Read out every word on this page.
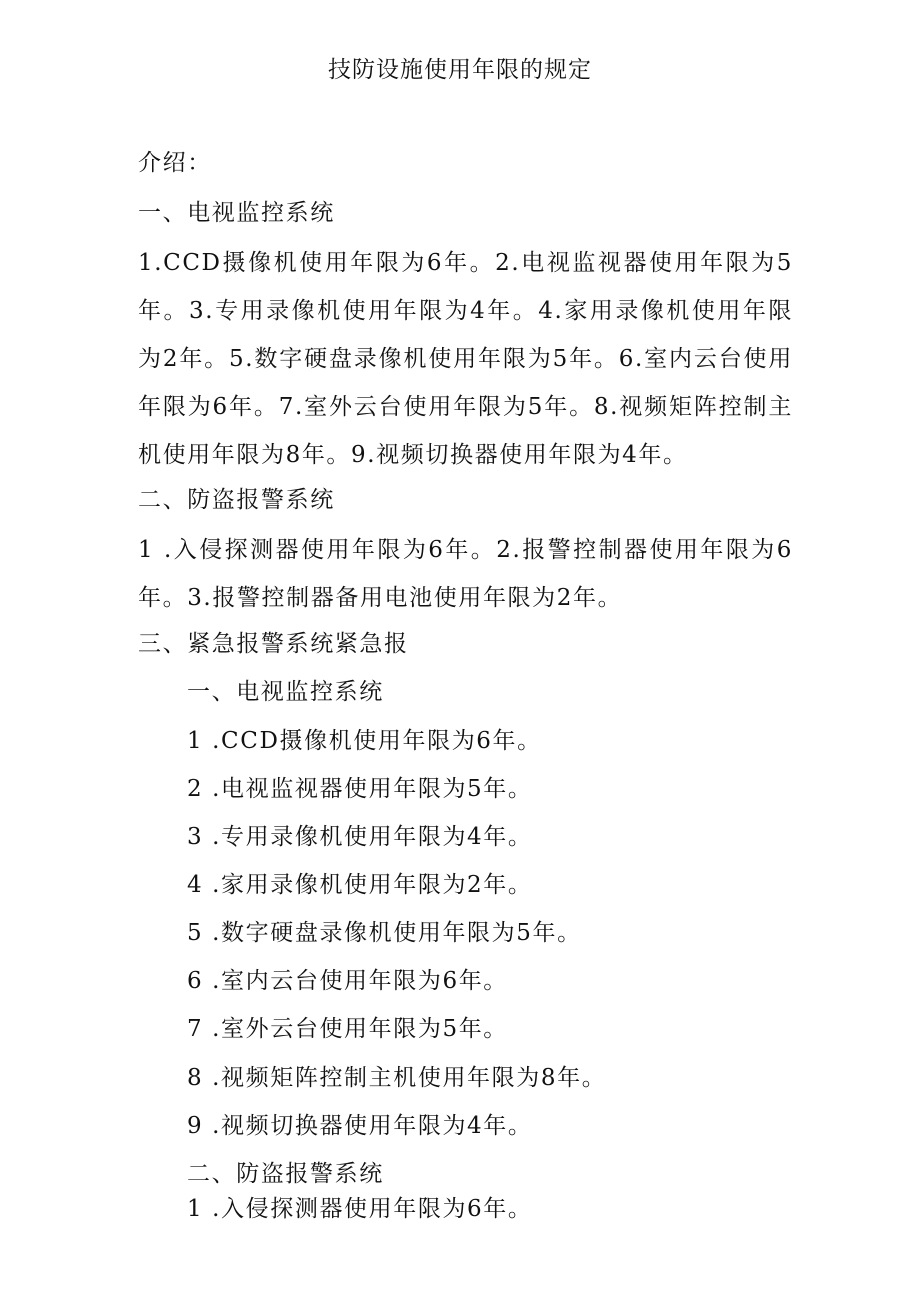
技防设施使用年限的规定
介绍：
一、电视监控系统
1.CCD摄像机使用年限为6年。2.电视监视器使用年限为5年。3.专用录像机使用年限为4年。4.家用录像机使用年限为2年。5.数字硬盘录像机使用年限为5年。6.室内云台使用年限为6年。7.室外云台使用年限为5年。8.视频矩阵控制主机使用年限为8年。9.视频切换器使用年限为4年。
二、防盗报警系统
1 .入侵探测器使用年限为6年。2.报警控制器使用年限为6年。3.报警控制器备用电池使用年限为2年。
三、紧急报警系统紧急报
一、电视监控系统
1 .CCD摄像机使用年限为6年。
2 .电视监视器使用年限为5年。
3 .专用录像机使用年限为4年。
4 .家用录像机使用年限为2年。
5 .数字硬盘录像机使用年限为5年。
6 .室内云台使用年限为6年。
7 .室外云台使用年限为5年。
8 .视频矩阵控制主机使用年限为8年。
9 .视频切换器使用年限为4年。
二、防盗报警系统
1 .入侵探测器使用年限为6年。
